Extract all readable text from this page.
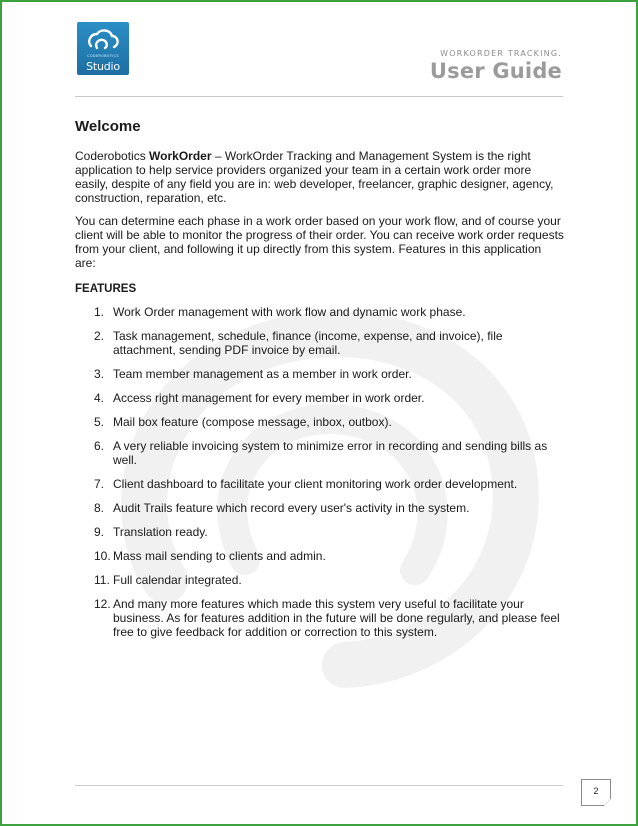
CODEROBOTICS
Studio
WORKORDER TRACKING.
User Guide
Welcome

Coderobotics WorkOrder – WorkOrder Tracking and Management System is the right application to help service providers organized your team in a certain work order more easily, despite of any field you are in: web developer, freelancer, graphic designer, agency, construction, reparation, etc.

You can determine each phase in a work order based on your work flow, and of course your client will be able to monitor the progress of their order. You can receive work order requests from your client, and following it up directly from this system. Features in this application are:

FEATURES
1. Work Order management with work flow and dynamic work phase.
2. Task management, schedule, finance (income, expense, and invoice), file attachment, sending PDF invoice by email.
3. Team member management as a member in work order.
4. Access right management for every member in work order.
5. Mail box feature (compose message, inbox, outbox).
6. A very reliable invoicing system to minimize error in recording and sending bills as well.
7. Client dashboard to facilitate your client monitoring work order development.
8. Audit Trails feature which record every user's activity in the system.
9. Translation ready.
10. Mass mail sending to clients and admin.
11. Full calendar integrated.
12. And many more features which made this system very useful to facilitate your business. As for features addition in the future will be done regularly, and please feel free to give feedback for addition or correction to this system.
2
